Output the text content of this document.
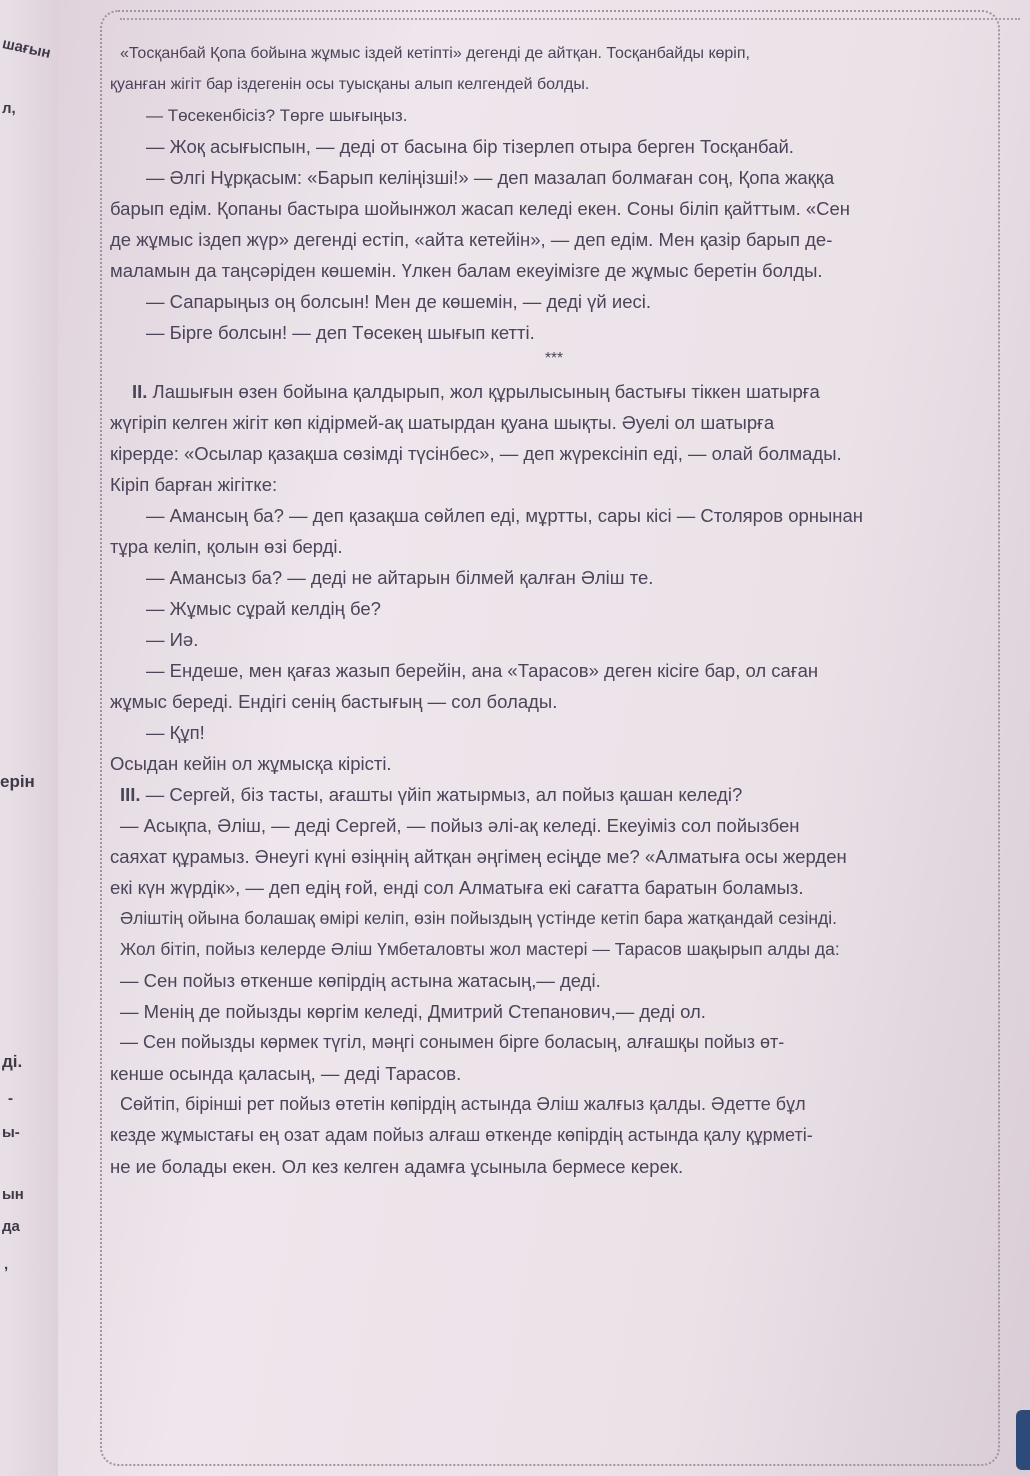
шағын
л,
ерін
ді.
-
ы-
ын
да
,

«Тосқанбай Қопа бойына жұмыс іздей кетіпті» дегенді де айтқан. Тосқанбайды көріп,

қуанған жігіт бар іздегенін осы туысқаны алып келгендей болды.

— Төсекенбісіз? Төрге шығыңыз.

— Жоқ асығыспын, — деді от басына бір тізерлеп отыра берген Тосқанбай.

— Әлгі Нұрқасым: «Барып келіңізші!» — деп мазалап болмаған соң, Қопа жаққа

барып едім. Қопаны бастыра шойынжол жасап келеді екен. Соны біліп қайттым. «Сен

де жұмыс іздеп жүр» дегенді естіп, «айта кетейін», — деп едім. Мен қазір барып де-

маламын да таңсәріден көшемін. Үлкен балам екеуімізге де жұмыс беретін болды.

— Сапарыңыз оң болсын! Мен де көшемін, — деді үй иесі.

— Бірге болсын! — деп Төсекең шығып кетті.

***

II. Лашығын өзен бойына қалдырып, жол құрылысының бастығы тіккен шатырға

жүгіріп келген жігіт көп кідірмей-ақ шатырдан қуана шықты. Әуелі ол шатырға

кірерде: «Осылар қазақша сөзімді түсінбес», — деп жүрексініп еді, — олай болмады.

Кіріп барған жігітке:

— Амансың ба? — деп қазақша сөйлеп еді, мұртты, сары кісі — Столяров орнынан

тұра келіп, қолын өзі берді.

— Амансыз ба? — деді не айтарын білмей қалған Әліш те.

— Жұмыс сұрай келдің бе?

— Иә.

— Ендеше, мен қағаз жазып берейін, ана «Тарасов» деген кісіге бар, ол саған

жұмыс береді. Ендігі сенің бастығың — сол болады.

— Құп!

Осыдан кейін ол жұмысқа кірісті.

III. — Сергей, біз тасты, ағашты үйіп жатырмыз, ал пойыз қашан келеді?

— Асықпа, Әліш, — деді Сергей, — пойыз әлі-ақ келеді. Екеуіміз сол пойызбен

саяхат құрамыз. Әнеугі күні өзіңнің айтқан әңгімең есіңде ме? «Алматыға осы жерден

екі күн жүрдік», — деп едің ғой, енді сол Алматыға екі сағатта баратын боламыз.

Әліштің ойына болашақ өмірі келіп, өзін пойыздың үстінде кетіп бара жатқандай сезінді.

Жол бітіп, пойыз келерде Әліш Үмбеталовты жол мастері — Тарасов шақырып алды да:

— Сен пойыз өткенше көпірдің астына жатасың,— деді.

— Менің де пойызды көргім келеді, Дмитрий Степанович,— деді ол.

— Сен пойызды көрмек түгіл, мәңгі сонымен бірге боласың, алғашқы пойыз өт-

кенше осында қаласың, — деді Тарасов.

Сөйтіп, бірінші рет пойыз өтетін көпірдің астында Әліш жалғыз қалды. Әдетте бұл

кезде жұмыстағы ең озат адам пойыз алғаш өткенде көпірдің астында қалу құрметі-

не ие болады екен. Ол кез келген адамға ұсынылa бермесе керек.
